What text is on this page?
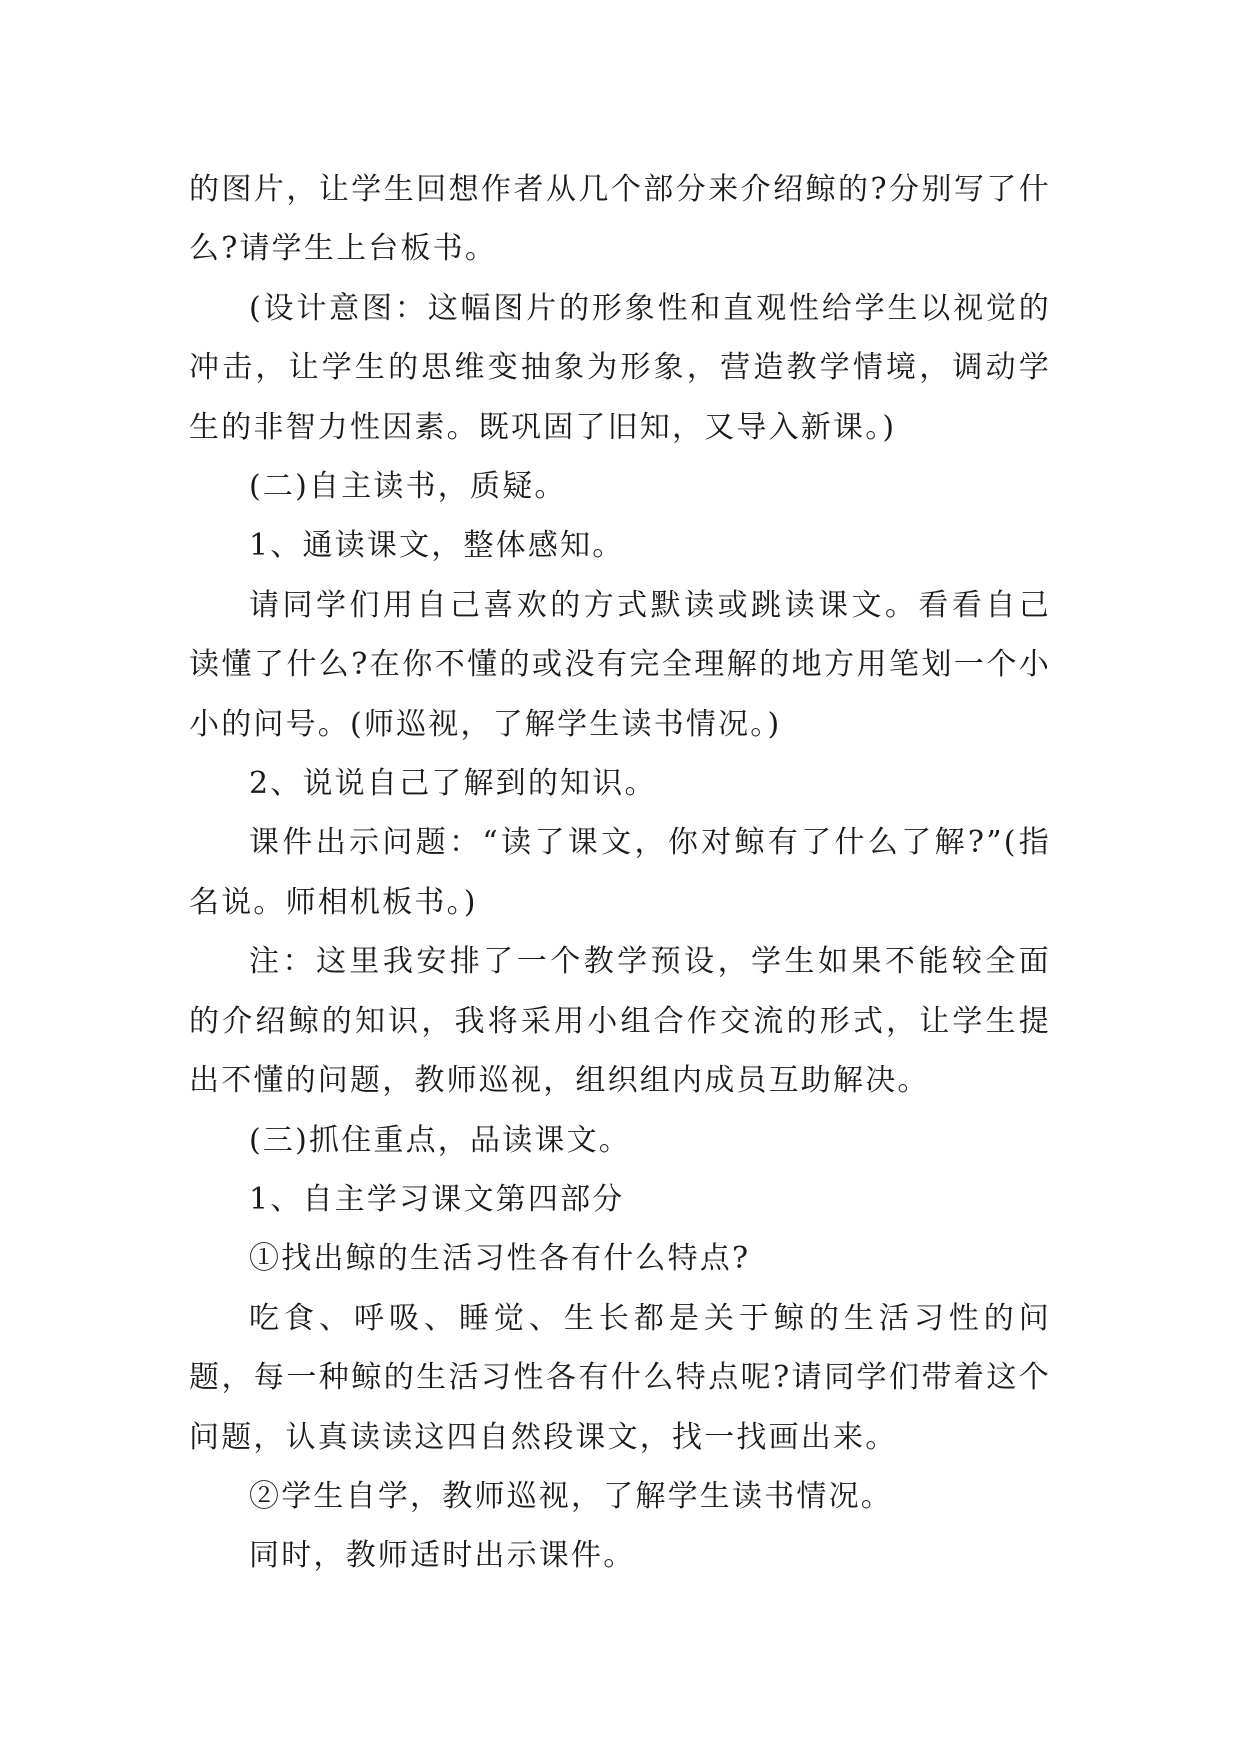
的图片，让学生回想作者从几个部分来介绍鲸的?分别写了什么?请学生上台板书。

(设计意图：这幅图片的形象性和直观性给学生以视觉的冲击，让学生的思维变抽象为形象，营造教学情境，调动学生的非智力性因素。既巩固了旧知，又导入新课。)

(二)自主读书，质疑。

1、通读课文，整体感知。

请同学们用自己喜欢的方式默读或跳读课文。看看自己读懂了什么?在你不懂的或没有完全理解的地方用笔划一个小小的问号。(师巡视，了解学生读书情况。)

2、说说自己了解到的知识。

课件出示问题：“读了课文，你对鲸有了什么了解?”(指名说。师相机板书。)

注：这里我安排了一个教学预设，学生如果不能较全面的介绍鲸的知识，我将采用小组合作交流的形式，让学生提出不懂的问题，教师巡视，组织组内成员互助解决。

(三)抓住重点，品读课文。

1、自主学习课文第四部分

①找出鲸的生活习性各有什么特点?

吃食、呼吸、睡觉、生长都是关于鲸的生活习性的问题，每一种鲸的生活习性各有什么特点呢?请同学们带着这个问题，认真读读这四自然段课文，找一找画出来。

②学生自学，教师巡视，了解学生读书情况。

同时，教师适时出示课件。
